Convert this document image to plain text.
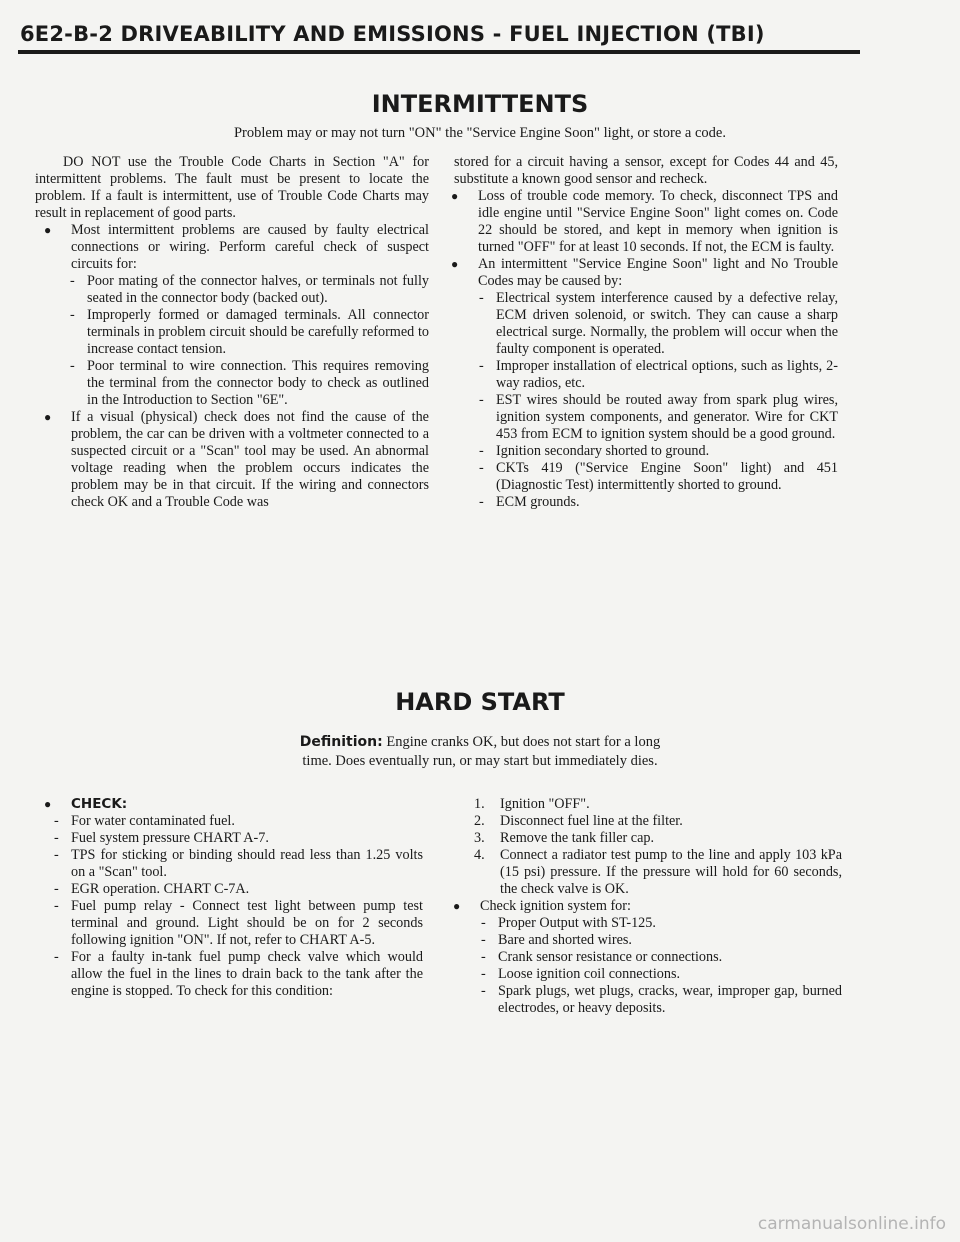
6E2-B-2 DRIVEABILITY AND EMISSIONS - FUEL INJECTION (TBI)
INTERMITTENTS
Problem may or may not turn "ON" the "Service Engine Soon" light, or store a code.

DO NOT use the Trouble Code Charts in Section "A" for intermittent problems. The fault must be present to locate the problem. If a fault is intermittent, use of Trouble Code Charts may result in replacement of good parts.

● Most intermittent problems are caused by faulty electrical connections or wiring. Perform careful check of suspect circuits for:
- Poor mating of the connector halves, or terminals not fully seated in the connector body (backed out).
- Improperly formed or damaged terminals. All connector terminals in problem circuit should be carefully reformed to increase contact tension.
- Poor terminal to wire connection. This requires removing the terminal from the connector body to check as outlined in the Introduction to Section "6E".
● If a visual (physical) check does not find the cause of the problem, the car can be driven with a voltmeter connected to a suspected circuit or a "Scan" tool may be used. An abnormal voltage reading when the problem occurs indicates the problem may be in that circuit. If the wiring and connectors check OK and a Trouble Code was

stored for a circuit having a sensor, except for Codes 44 and 45, substitute a known good sensor and recheck.

● Loss of trouble code memory. To check, disconnect TPS and idle engine until "Service Engine Soon" light comes on. Code 22 should be stored, and kept in memory when ignition is turned "OFF" for at least 10 seconds. If not, the ECM is faulty.
● An intermittent "Service Engine Soon" light and No Trouble Codes may be caused by:
- Electrical system interference caused by a defective relay, ECM driven solenoid, or switch. They can cause a sharp electrical surge. Normally, the problem will occur when the faulty component is operated.
- Improper installation of electrical options, such as lights, 2-way radios, etc.
- EST wires should be routed away from spark plug wires, ignition system components, and generator. Wire for CKT 453 from ECM to ignition system should be a good ground.
- Ignition secondary shorted to ground.
- CKTs 419 ("Service Engine Soon" light) and 451 (Diagnostic Test) intermittently shorted to ground.
- ECM grounds.
HARD START
Definition: Engine cranks OK, but does not start for a long
time. Does eventually run, or may start but immediately dies.
● CHECK:
- For water contaminated fuel.
- Fuel system pressure CHART A-7.
- TPS for sticking or binding should read less than 1.25 volts on a "Scan" tool.
- EGR operation. CHART C-7A.
- Fuel pump relay - Connect test light between pump test terminal and ground. Light should be on for 2 seconds following ignition "ON". If not, refer to CHART A-5.
- For a faulty in-tank fuel pump check valve which would allow the fuel in the lines to drain back to the tank after the engine is stopped. To check for this condition:
1. Ignition "OFF".
2. Disconnect fuel line at the filter.
3. Remove the tank filler cap.
4. Connect a radiator test pump to the line and apply 103 kPa (15 psi) pressure. If the pressure will hold for 60 seconds, the check valve is OK.
● Check ignition system for:
- Proper Output with ST-125.
- Bare and shorted wires.
- Crank sensor resistance or connections.
- Loose ignition coil connections.
- Spark plugs, wet plugs, cracks, wear, improper gap, burned electrodes, or heavy deposits.
carmanualsonline.info
